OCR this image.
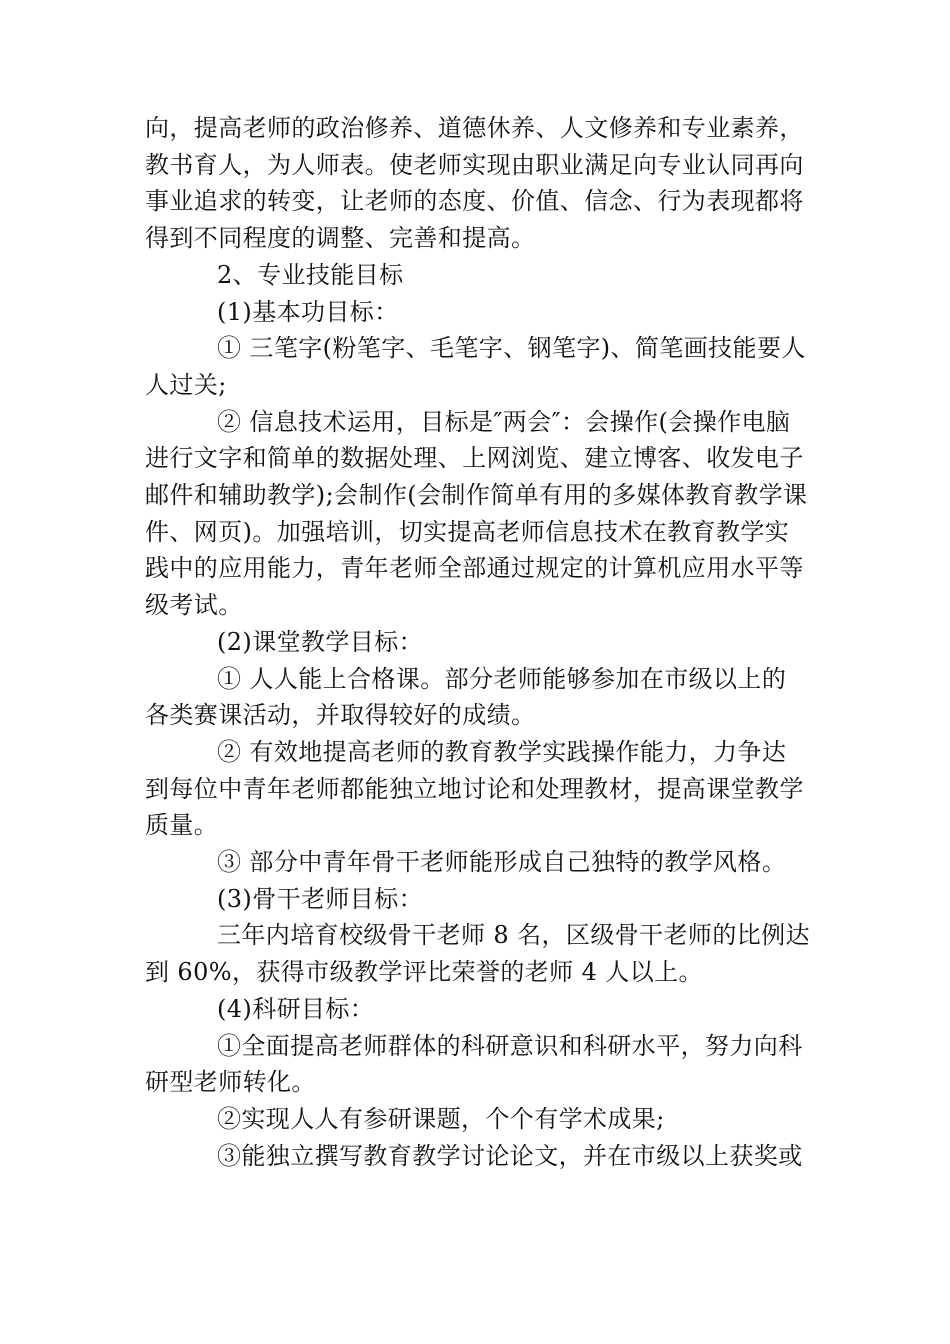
向，提高老师的政治修养、道德休养、人文修养和专业素养，教书育人，为人师表。使老师实现由职业满足向专业认同再向事业追求的转变，让老师的态度、价值、信念、行为表现都将得到不同程度的调整、完善和提高。

2、专业技能目标

(1)基本功目标：

① 三笔字(粉笔字、毛笔字、钢笔字)、简笔画技能要人人过关;

② 信息技术运用，目标是″两会″：会操作(会操作电脑进行文字和简单的数据处理、上网浏览、建立博客、收发电子邮件和辅助教学);会制作(会制作简单有用的多媒体教育教学课件、网页)。加强培训，切实提高老师信息技术在教育教学实践中的应用能力，青年老师全部通过规定的计算机应用水平等级考试。

(2)课堂教学目标：

① 人人能上合格课。部分老师能够参加在市级以上的各类赛课活动，并取得较好的成绩。

② 有效地提高老师的教育教学实践操作能力，力争达到每位中青年老师都能独立地讨论和处理教材，提高课堂教学质量。

③ 部分中青年骨干老师能形成自己独特的教学风格。

(3)骨干老师目标：

三年内培育校级骨干老师 8 名，区级骨干老师的比例达到 60%，获得市级教学评比荣誉的老师 4 人以上。

(4)科研目标：

①全面提高老师群体的科研意识和科研水平，努力向科研型老师转化。

②实现人人有参研课题，个个有学术成果;

③能独立撰写教育教学讨论论文，并在市级以上获奖或
